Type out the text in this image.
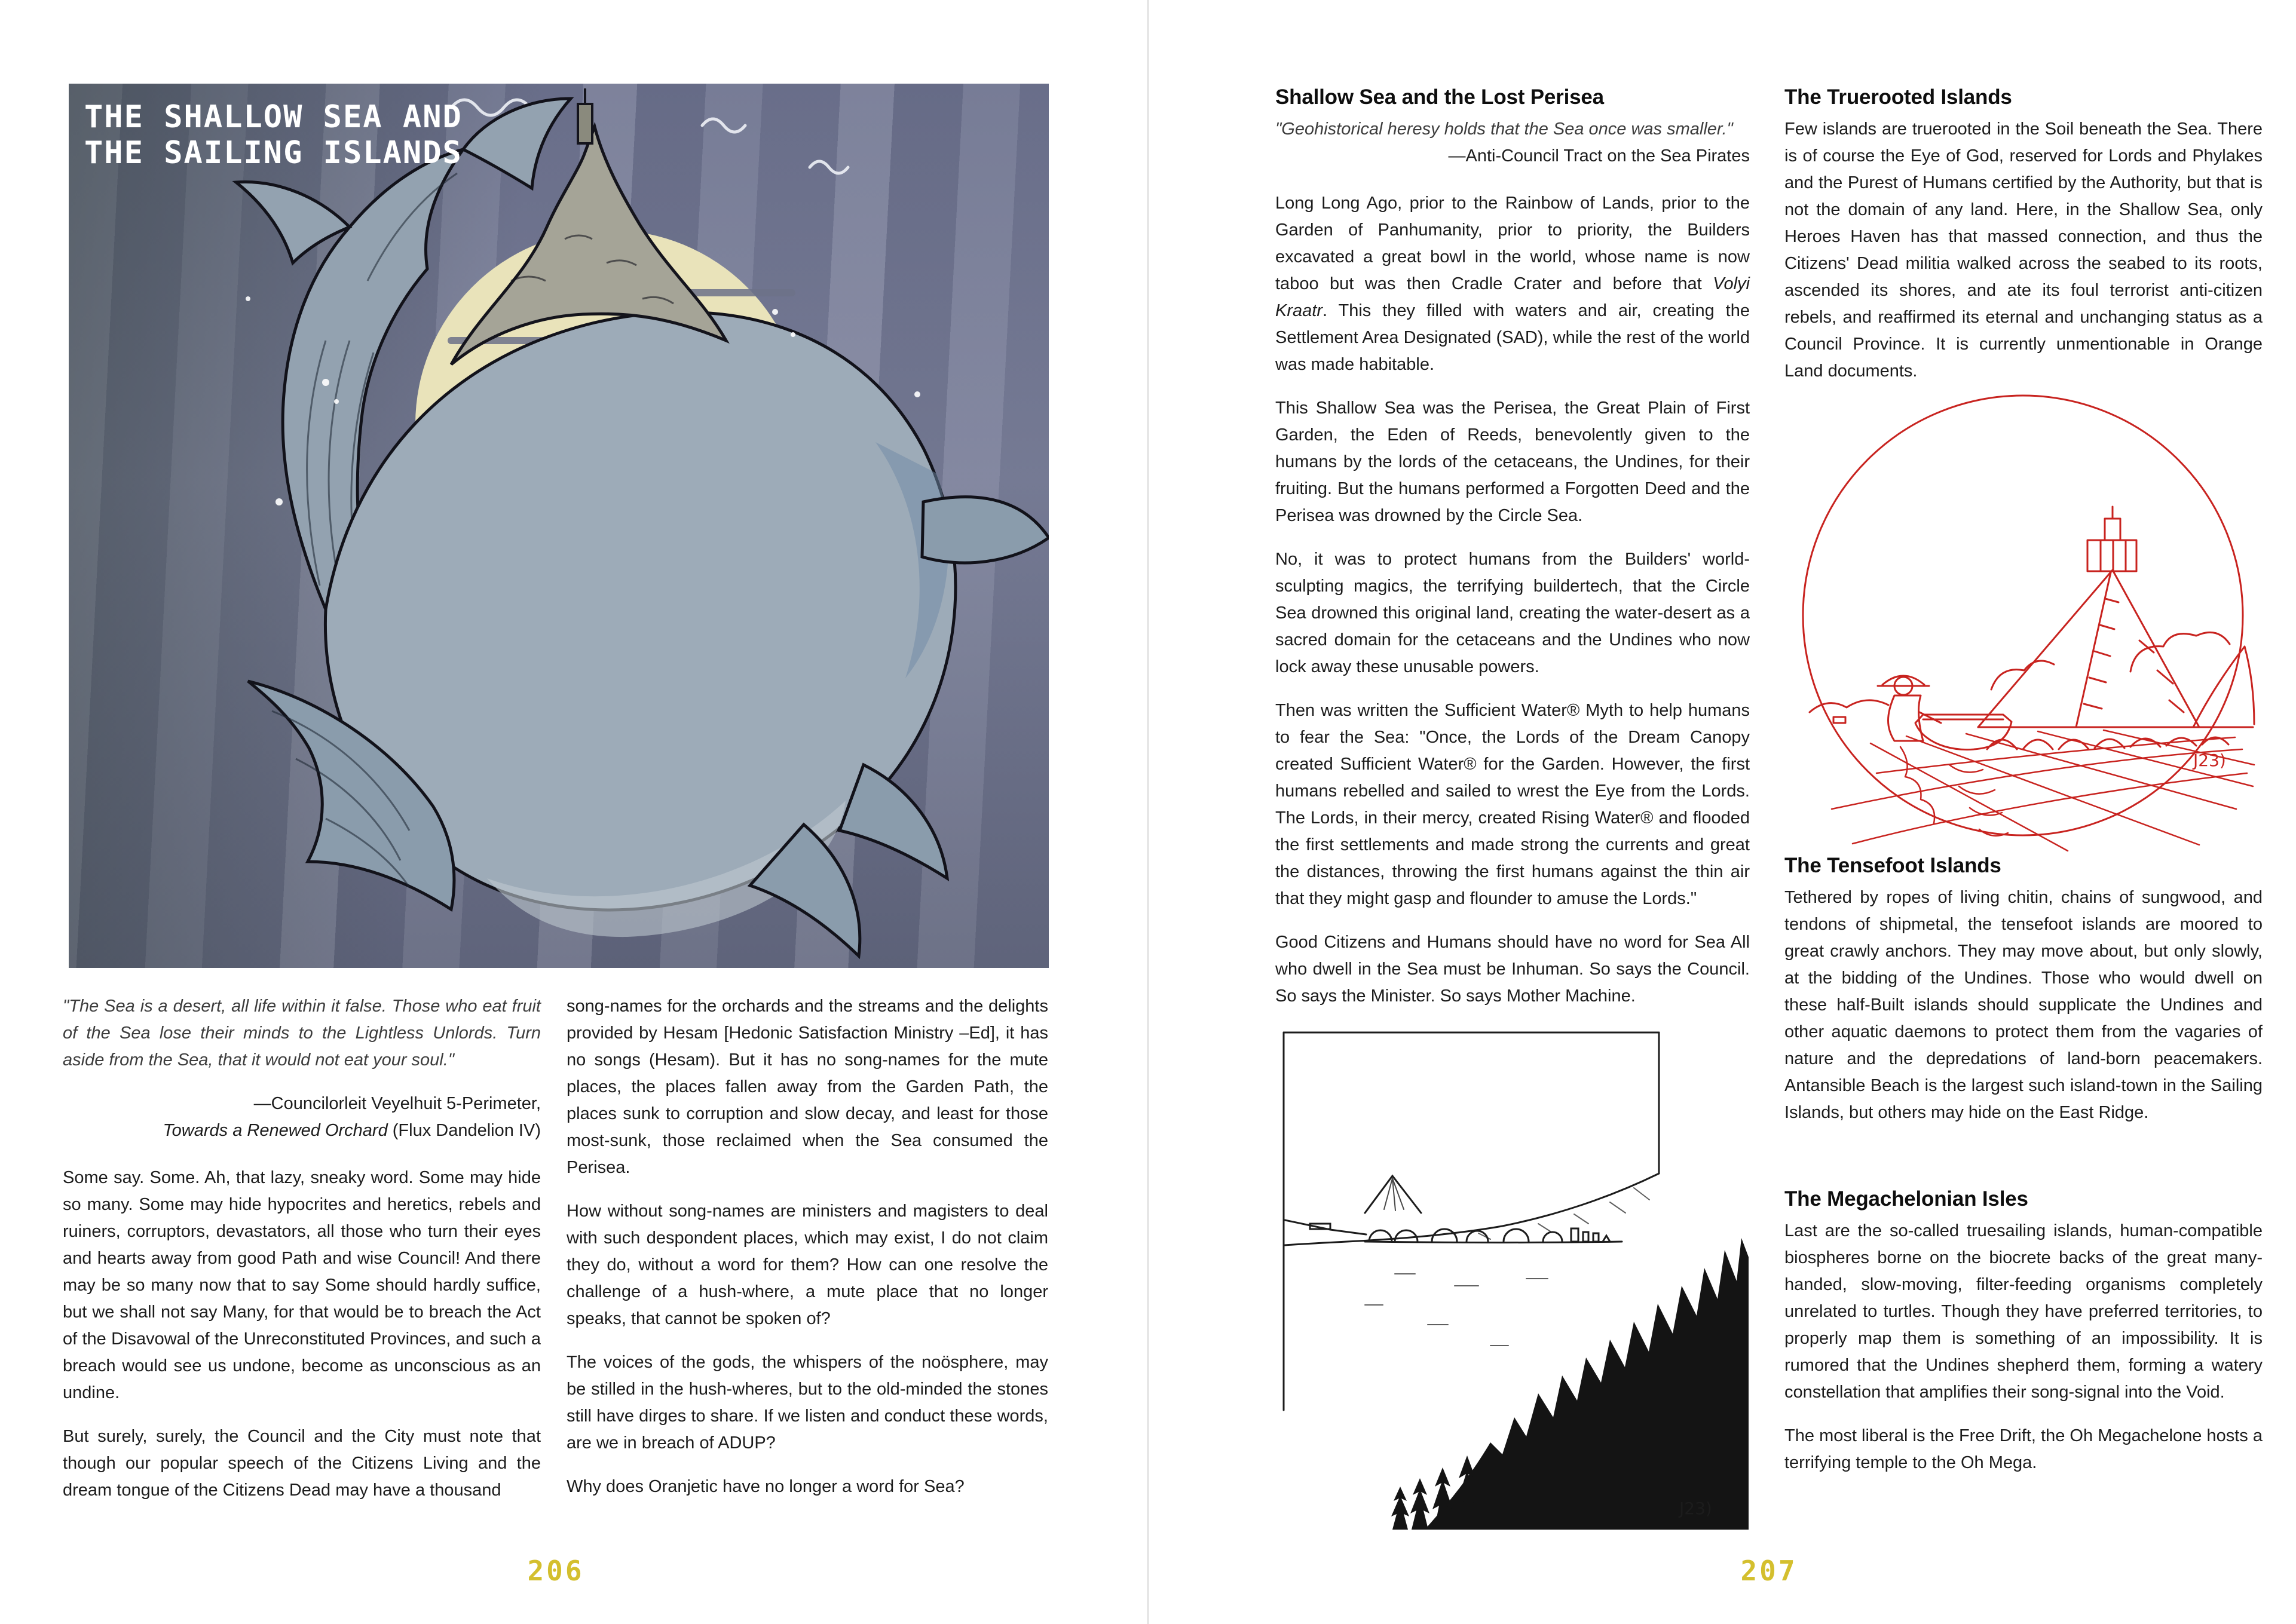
THE SHALLOW SEA AND
THE SAILING ISLANDS

"The Sea is a desert, all life within it false. Those who eat fruit of the Sea lose their minds to the Lightless Unlords. Turn aside from the Sea, that it would not eat your soul."

—Councilorleit Veyelhuit 5-Perimeter,

Towards a Renewed Orchard (Flux Dandelion IV)

Some say. Some. Ah, that lazy, sneaky word. Some may hide so many. Some may hide hypocrites and heretics, rebels and ruiners, corruptors, devastators, all those who turn their eyes and hearts away from good Path and wise Council! And there may be so many now that to say Some should hardly suffice, but we shall not say Many, for that would be to breach the Act of the Disavowal of the Unreconstituted Provinces, and such a breach would see us undone, become as unconscious as an undine.

But surely, surely, the Council and the City must note that though our popular speech of the Citizens Living and the dream tongue of the Citizens Dead may have a thousand

song-names for the orchards and the streams and the delights provided by Hesam [Hedonic Satisfaction Ministry –Ed], it has no songs (Hesam). But it has no song-names for the mute places, the places fallen away from the Garden Path, the places sunk to corruption and slow decay, and least for those most-sunk, those reclaimed when the Sea consumed the Perisea.

How without song-names are ministers and magisters to deal with such despondent places, which may exist, I do not claim they do, without a word for them? How can one resolve the challenge of a hush-where, a mute place that no longer speaks, that cannot be spoken of?

The voices of the gods, the whispers of the noösphere, may be stilled in the hush-wheres, but to the old-minded the stones still have dirges to share. If we listen and conduct these words, are we in breach of ADUP?

Why does Oranjetic have no longer a word for Sea?

206
Shallow Sea and the Lost Perisea

"Geohistorical heresy holds that the Sea once was smaller."

—Anti-Council Tract on the Sea Pirates

Long Long Ago, prior to the Rainbow of Lands, prior to the Garden of Panhumanity, prior to priority, the Builders excavated a great bowl in the world, whose name is now taboo but was then Cradle Crater and before that Volyi Kraatr. This they filled with waters and air, creating the Settlement Area Designated (SAD), while the rest of the world was made habitable.

This Shallow Sea was the Perisea, the Great Plain of First Garden, the Eden of Reeds, benevolently given to the humans by the lords of the cetaceans, the Undines, for their fruiting. But the humans performed a Forgotten Deed and the Perisea was drowned by the Circle Sea.

No, it was to protect humans from the Builders' world-sculpting magics, the terrifying buildertech, that the Circle Sea drowned this original land, creating the water-desert as a sacred domain for the cetaceans and the Undines who now lock away these unusable powers.

Then was written the Sufficient Water® Myth to help humans to fear the Sea: "Once, the Lords of the Dream Canopy created Sufficient Water® for the Garden. However, the first humans rebelled and sailed to wrest the Eye from the Lords. The Lords, in their mercy, created Rising Water® and flooded the first settlements and made strong the currents and great the distances, throwing the first humans against the thin air that they might gasp and flounder to amuse the Lords."

Good Citizens and Humans should have no word for Sea All who dwell in the Sea must be Inhuman. So says the Council. So says the Minister. So says Mother Machine.

J23)
The Truerooted Islands

Few islands are truerooted in the Soil beneath the Sea. There is of course the Eye of God, reserved for Lords and Phylakes and the Purest of Humans certified by the Authority, but that is not the domain of any land. Here, in the Shallow Sea, only Heroes Haven has that massed connection, and thus the Citizens' Dead militia walked across the seabed to its roots, ascended its shores, and ate its foul terrorist anti-citizen rebels, and reaffirmed its eternal and unchanging status as a Council Province. It is currently unmentionable in Orange Land documents.

J23)
The Tensefoot Islands

Tethered by ropes of living chitin, chains of sungwood, and tendons of shipmetal, the tensefoot islands are moored to great crawly anchors. They may move about, but only slowly, at the bidding of the Undines. Those who would dwell on these half-Built islands should supplicate the Undines and other aquatic daemons to protect them from the vagaries of nature and the depredations of land-born peacemakers. Antansible Beach is the largest such island-town in the Sailing Islands, but others may hide on the East Ridge.

The Megachelonian Isles

Last are the so-called truesailing islands, human-compatible biospheres borne on the biocrete backs of the great many-handed, slow-moving, filter-feeding organisms completely unrelated to turtles. Though they have preferred territories, to properly map them is something of an impossibility. It is rumored that the Undines shepherd them, forming a watery constellation that amplifies their song-signal into the Void.

The most liberal is the Free Drift, the Oh Megachelone hosts a terrifying temple to the Oh Mega.

207
